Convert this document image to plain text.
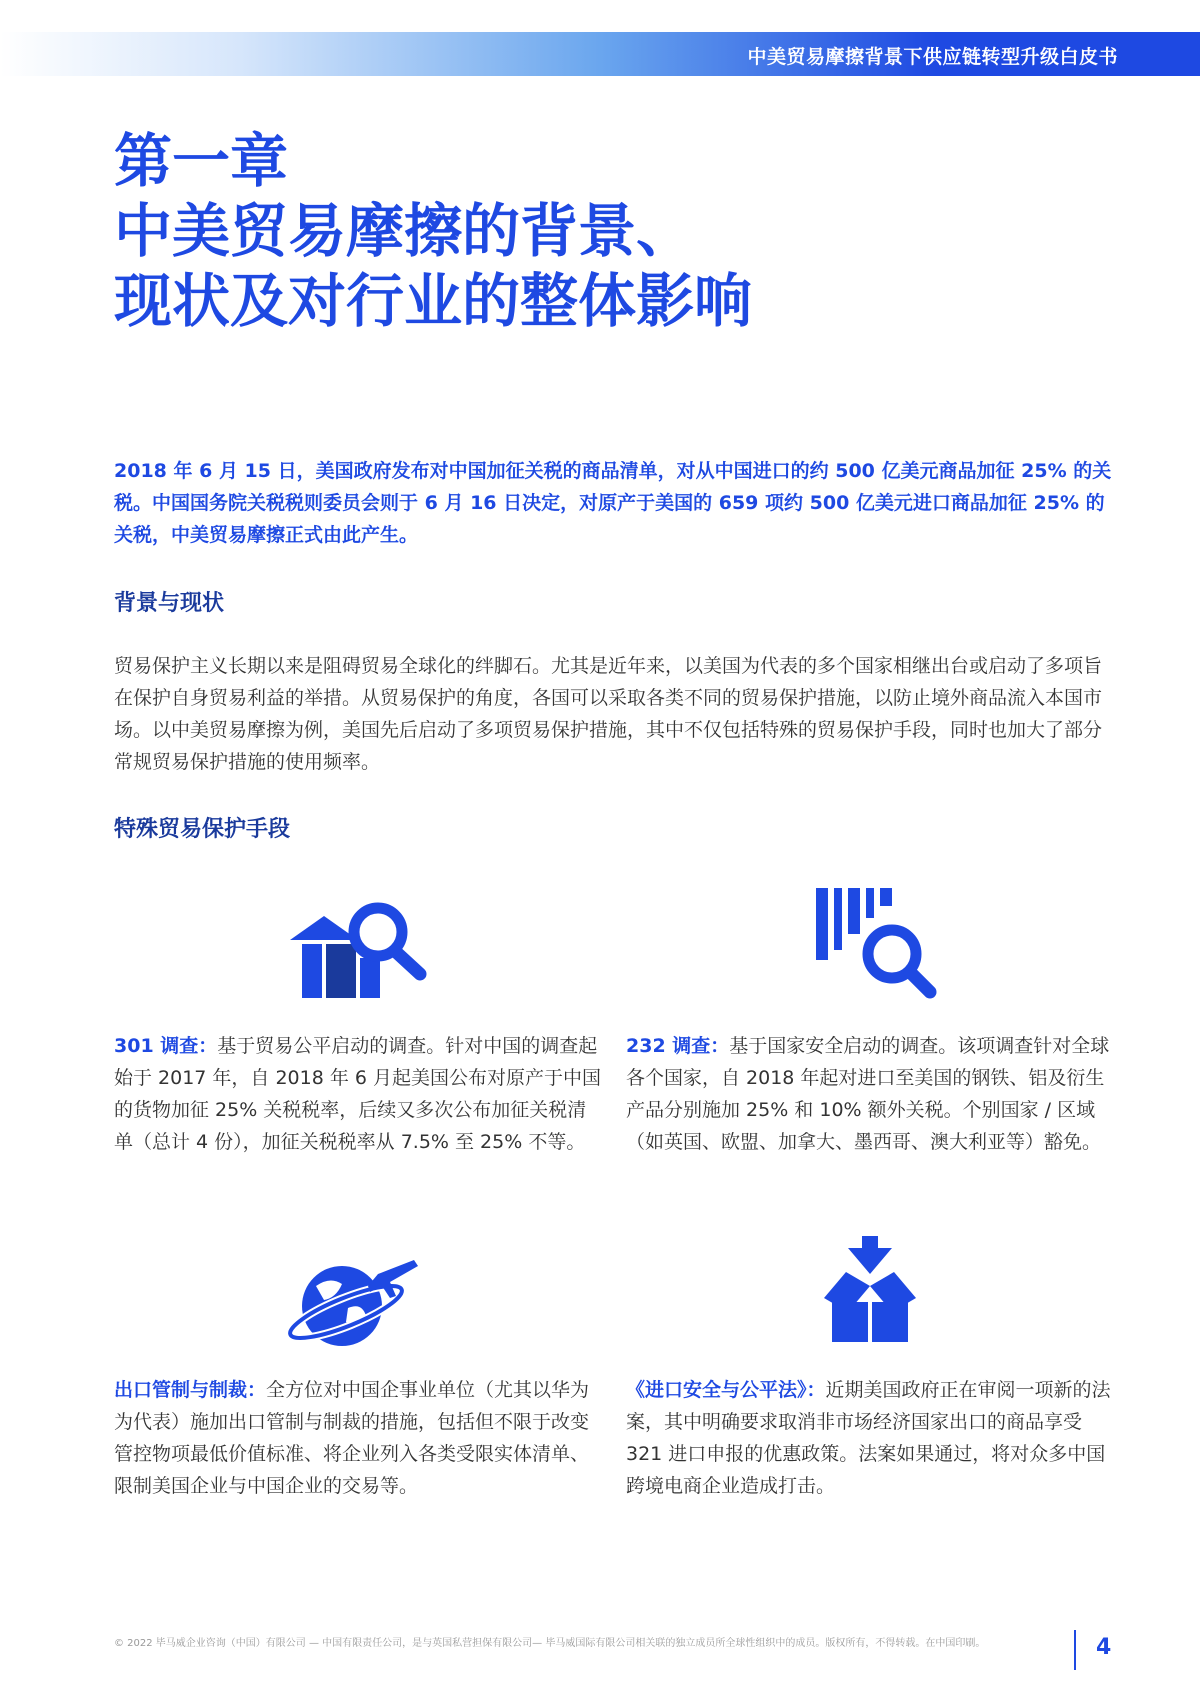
中美贸易摩擦背景下供应链转型升级白皮书
第一章
中美贸易摩擦的背景、
现状及对行业的整体影响

2018 年 6 月 15 日，美国政府发布对中国加征关税的商品清单，对从中国进口的约 500 亿美元商品加征 25% 的关税。中国国务院关税税则委员会则于 6 月 16 日决定，对原产于美国的 659 项约 500 亿美元进口商品加征 25% 的关税，中美贸易摩擦正式由此产生。

背景与现状

贸易保护主义长期以来是阻碍贸易全球化的绊脚石。尤其是近年来，以美国为代表的多个国家相继出台或启动了多项旨在保护自身贸易利益的举措。从贸易保护的角度，各国可以采取各类不同的贸易保护措施，以防止境外商品流入本国市场。以中美贸易摩擦为例，美国先后启动了多项贸易保护措施，其中不仅包括特殊的贸易保护手段，同时也加大了部分常规贸易保护措施的使用频率。

特殊贸易保护手段
301 调查：基于贸易公平启动的调查。针对中国的调查起始于 2017 年，自 2018 年 6 月起美国公布对原产于中国的货物加征 25% 关税税率，后续又多次公布加征关税清单（总计 4 份），加征关税税率从 7.5% 至 25% 不等。
232 调查：基于国家安全启动的调查。该项调查针对全球各个国家，自 2018 年起对进口至美国的钢铁、铝及衍生产品分别施加 25% 和 10% 额外关税。个别国家 / 区域（如英国、欧盟、加拿大、墨西哥、澳大利亚等）豁免。
出口管制与制裁：全方位对中国企事业单位（尤其以华为为代表）施加出口管制与制裁的措施，包括但不限于改变管控物项最低价值标准、将企业列入各类受限实体清单、限制美国企业与中国企业的交易等。
《进口安全与公平法》：近期美国政府正在审阅一项新的法案，其中明确要求取消非市场经济国家出口的商品享受 321 进口申报的优惠政策。法案如果通过，将对众多中国跨境电商企业造成打击。
© 2022 毕马威企业咨询（中国）有限公司 — 中国有限责任公司，是与英国私营担保有限公司— 毕马威国际有限公司相关联的独立成员所全球性组织中的成员。版权所有，不得转载。在中国印刷。	4
